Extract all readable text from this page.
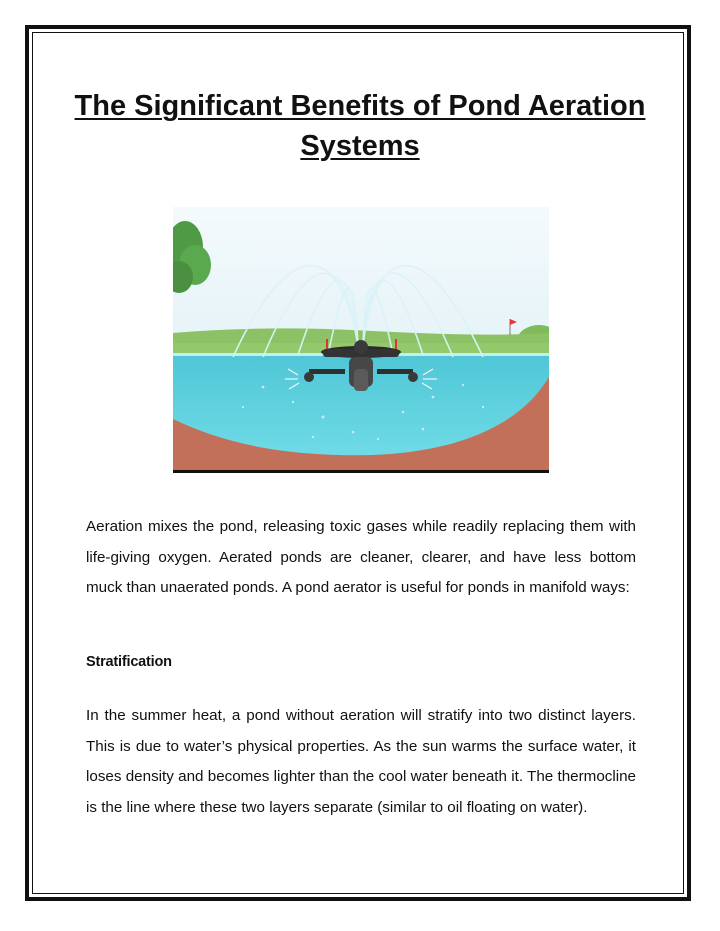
The Significant Benefits of Pond Aeration Systems

Aeration mixes the pond, releasing toxic gases while readily replacing them with life-giving oxygen. Aerated ponds are cleaner, clearer, and have less bottom muck than unaerated ponds. A pond aerator is useful for ponds in manifold ways:

Stratification

In the summer heat, a pond without aeration will stratify into two distinct layers. This is due to water’s physical properties. As the sun warms the surface water, it loses density and becomes lighter than the cool water beneath it. The thermocline is the line where these two layers separate (similar to oil floating on water).
